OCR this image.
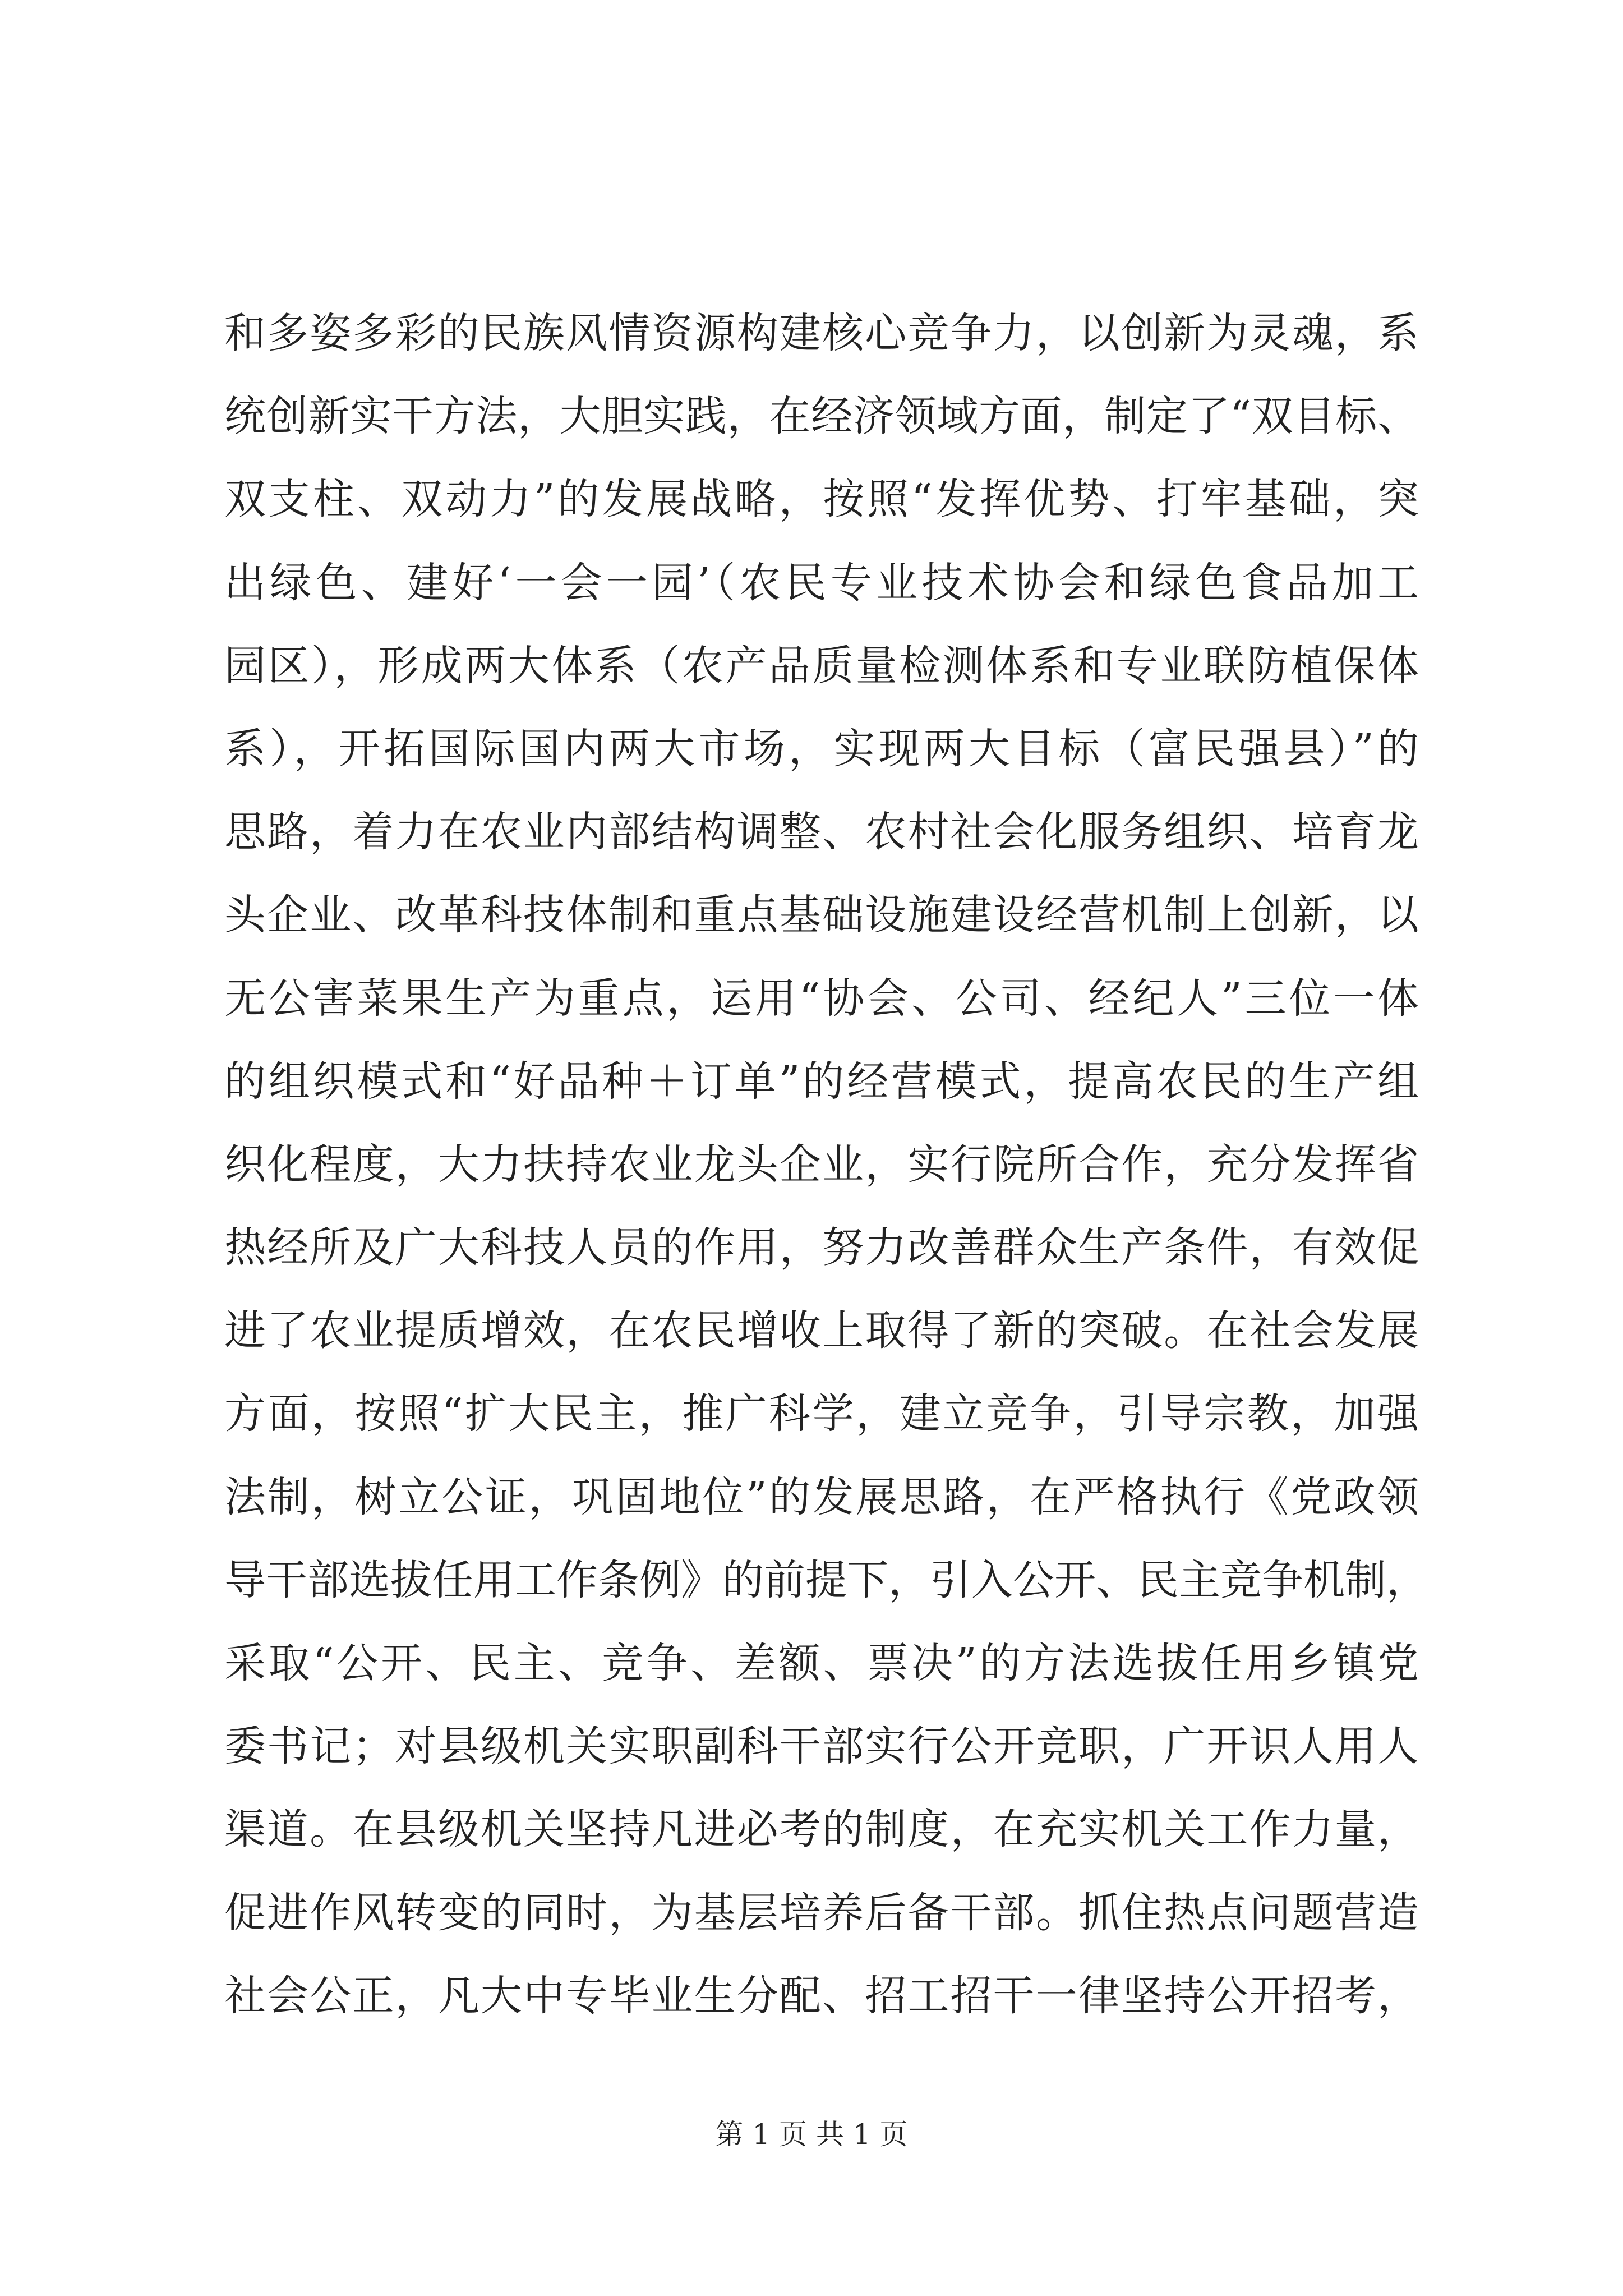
和多姿多彩的民族风情资源构建核心竞争力，以创新为灵魂，系
统创新实干方法，大胆实践，在经济领域方面，制定了“双目标、
双支柱、双动力”的发展战略，按照“发挥优势、打牢基础，突
出绿色、建好‘一会一园’（农民专业技术协会和绿色食品加工
园区），形成两大体系（农产品质量检测体系和专业联防植保体
系），开拓国际国内两大市场，实现两大目标（富民强县）”的
思路，着力在农业内部结构调整、农村社会化服务组织、培育龙
头企业、改革科技体制和重点基础设施建设经营机制上创新，以
无公害菜果生产为重点，运用“协会、公司、经纪人”三位一体
的组织模式和“好品种＋订单”的经营模式，提高农民的生产组
织化程度，大力扶持农业龙头企业，实行院所合作，充分发挥省
热经所及广大科技人员的作用，努力改善群众生产条件，有效促
进了农业提质增效，在农民增收上取得了新的突破。在社会发展
方面，按照“扩大民主，推广科学，建立竞争，引导宗教，加强
法制，树立公证，巩固地位”的发展思路，在严格执行《党政领
导干部选拔任用工作条例》的前提下，引入公开、民主竞争机制，
采取“公开、民主、竞争、差额、票决”的方法选拔任用乡镇党
委书记；对县级机关实职副科干部实行公开竞职，广开识人用人
渠道。在县级机关坚持凡进必考的制度，在充实机关工作力量，
促进作风转变的同时，为基层培养后备干部。抓住热点问题营造
社会公正，凡大中专毕业生分配、招工招干一律坚持公开招考，
第 1 页 共 1 页
